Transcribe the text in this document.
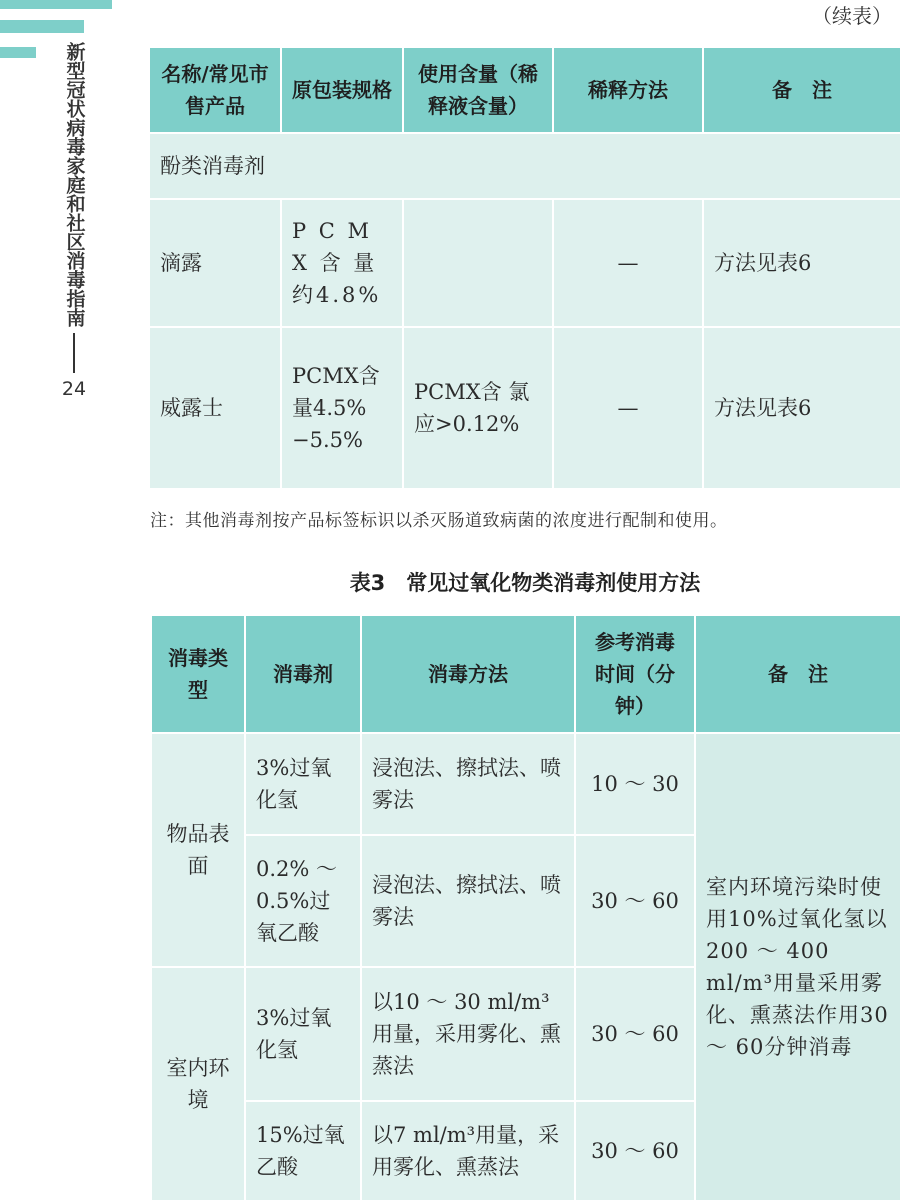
新型冠状病毒家庭和社区消毒指南
24
（续表）
名称/常见市售产品	原包装规格	使用含量（稀释液含量）	稀释方法	备　注
酚类消毒剂				
滴露	P C M X 含 量 约4.8%		—	方法见表6
威露士	PCMX含量4.5%−5.5%	PCMX含 氯应>0.12%	—	方法见表6
注：其他消毒剂按产品标签标识以杀灭肠道致病菌的浓度进行配制和使用。
表3　常见过氧化物类消毒剂使用方法
消毒类型	消毒剂	消毒方法	参考消毒时间（分钟）	备　注
物品表面	3%过氧化氢	浸泡法、擦拭法、喷雾法	10 ～ 30	室内环境污染时使用10%过氧化氢以200 ～ 400 ml/m³用量采用雾化、熏蒸法作用30 ～ 60分钟消毒
	0.2% ～ 0.5%过氧乙酸	浸泡法、擦拭法、喷雾法	30 ～ 60	
室内环境	3%过氧化氢	以10 ～ 30 ml/m³用量，采用雾化、熏蒸法	30 ～ 60	
	15%过氧乙酸	以7 ml/m³用量，采用雾化、熏蒸法	30 ～ 60	
